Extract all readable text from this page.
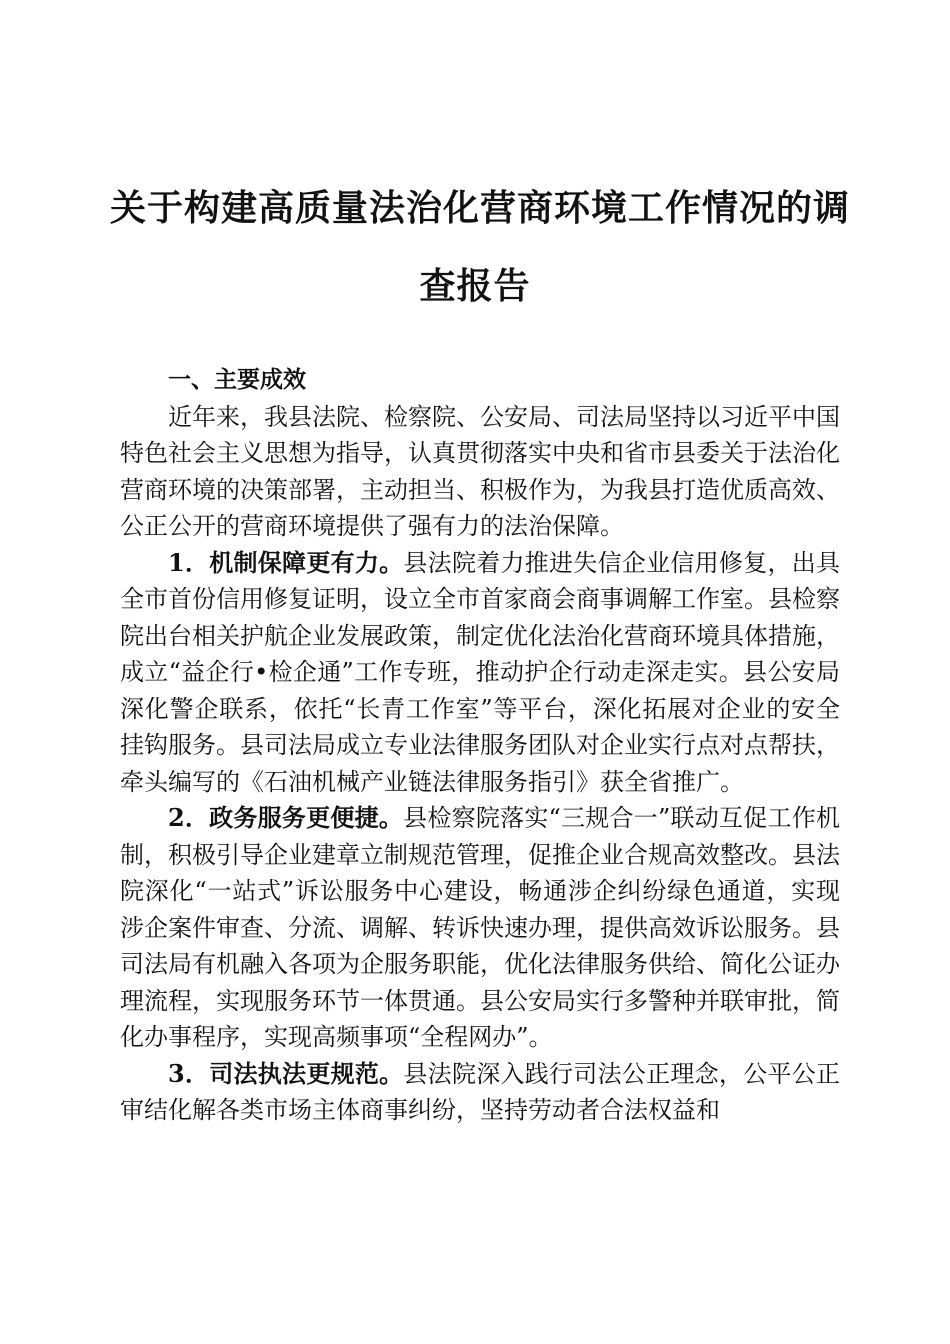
关于构建高质量法治化营商环境工作情况的调
查报告

一、主要成效

近年来，我县法院、检察院、公安局、司法局坚持以习近平中国特色社会主义思想为指导，认真贯彻落实中央和省市县委关于法治化营商环境的决策部署，主动担当、积极作为，为我县打造优质高效、公正公开的营商环境提供了强有力的法治保障。

1．机制保障更有力。县法院着力推进失信企业信用修复，出具全市首份信用修复证明，设立全市首家商会商事调解工作室。县检察院出台相关护航企业发展政策，制定优化法治化营商环境具体措施，成立“益企行•检企通”工作专班，推动护企行动走深走实。县公安局深化警企联系，依托“长青工作室”等平台，深化拓展对企业的安全挂钩服务。县司法局成立专业法律服务团队对企业实行点对点帮扶，牵头编写的《石油机械产业链法律服务指引》获全省推广。

2．政务服务更便捷。县检察院落实“三规合一”联动互促工作机制，积极引导企业建章立制规范管理，促推企业合规高效整改。县法院深化“一站式”诉讼服务中心建设，畅通涉企纠纷绿色通道，实现涉企案件审查、分流、调解、转诉快速办理，提供高效诉讼服务。县司法局有机融入各项为企服务职能，优化法律服务供给、简化公证办理流程，实现服务环节一体贯通。县公安局实行多警种并联审批，简化办事程序，实现高频事项“全程网办”。

3．司法执法更规范。县法院深入践行司法公正理念，公平公正审结化解各类市场主体商事纠纷，坚持劳动者合法权益和
